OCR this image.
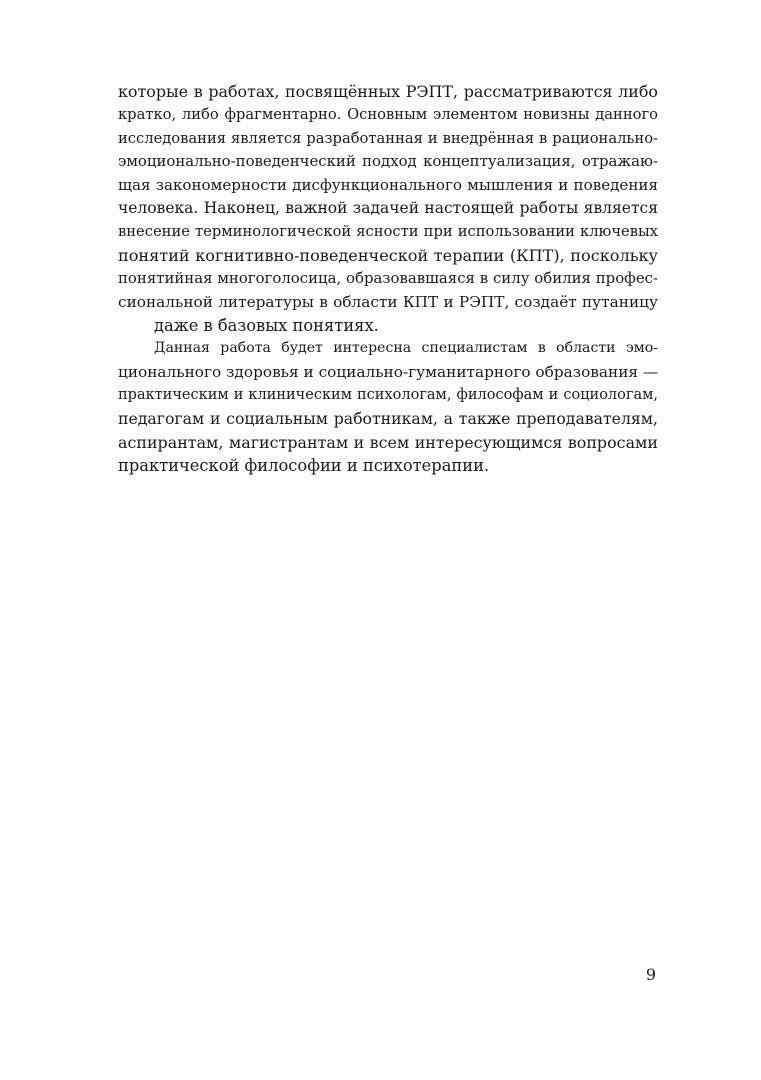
которые в работах, посвящённых РЭПТ, рассматриваются либо
кратко, либо фрагментарно. Основным элементом новизны данного
исследования является разработанная и внедрённая в рационально-
эмоционально-поведенческий подход концептуализация, отражаю-
щая закономерности дисфункционального мышления и поведения
человека. Наконец, важной задачей настоящей работы является
внесение терминологической ясности при использовании ключевых
понятий когнитивно-поведенческой терапии (КПТ), поскольку
понятийная многоголосица, образовавшаяся в силу обилия профес-
сиональной литературы в области КПТ и РЭПТ, создаёт путаницу
даже в базовых понятиях.
Данная работа будет интересна специалистам в области эмо-
ционального здоровья и социально-гуманитарного образования —
практическим и клиническим психологам, философам и социологам,
педагогам и социальным работникам, а также преподавателям,
аспирантам, магистрантам и всем интересующимся вопросами
практической философии и психотерапии.
9
